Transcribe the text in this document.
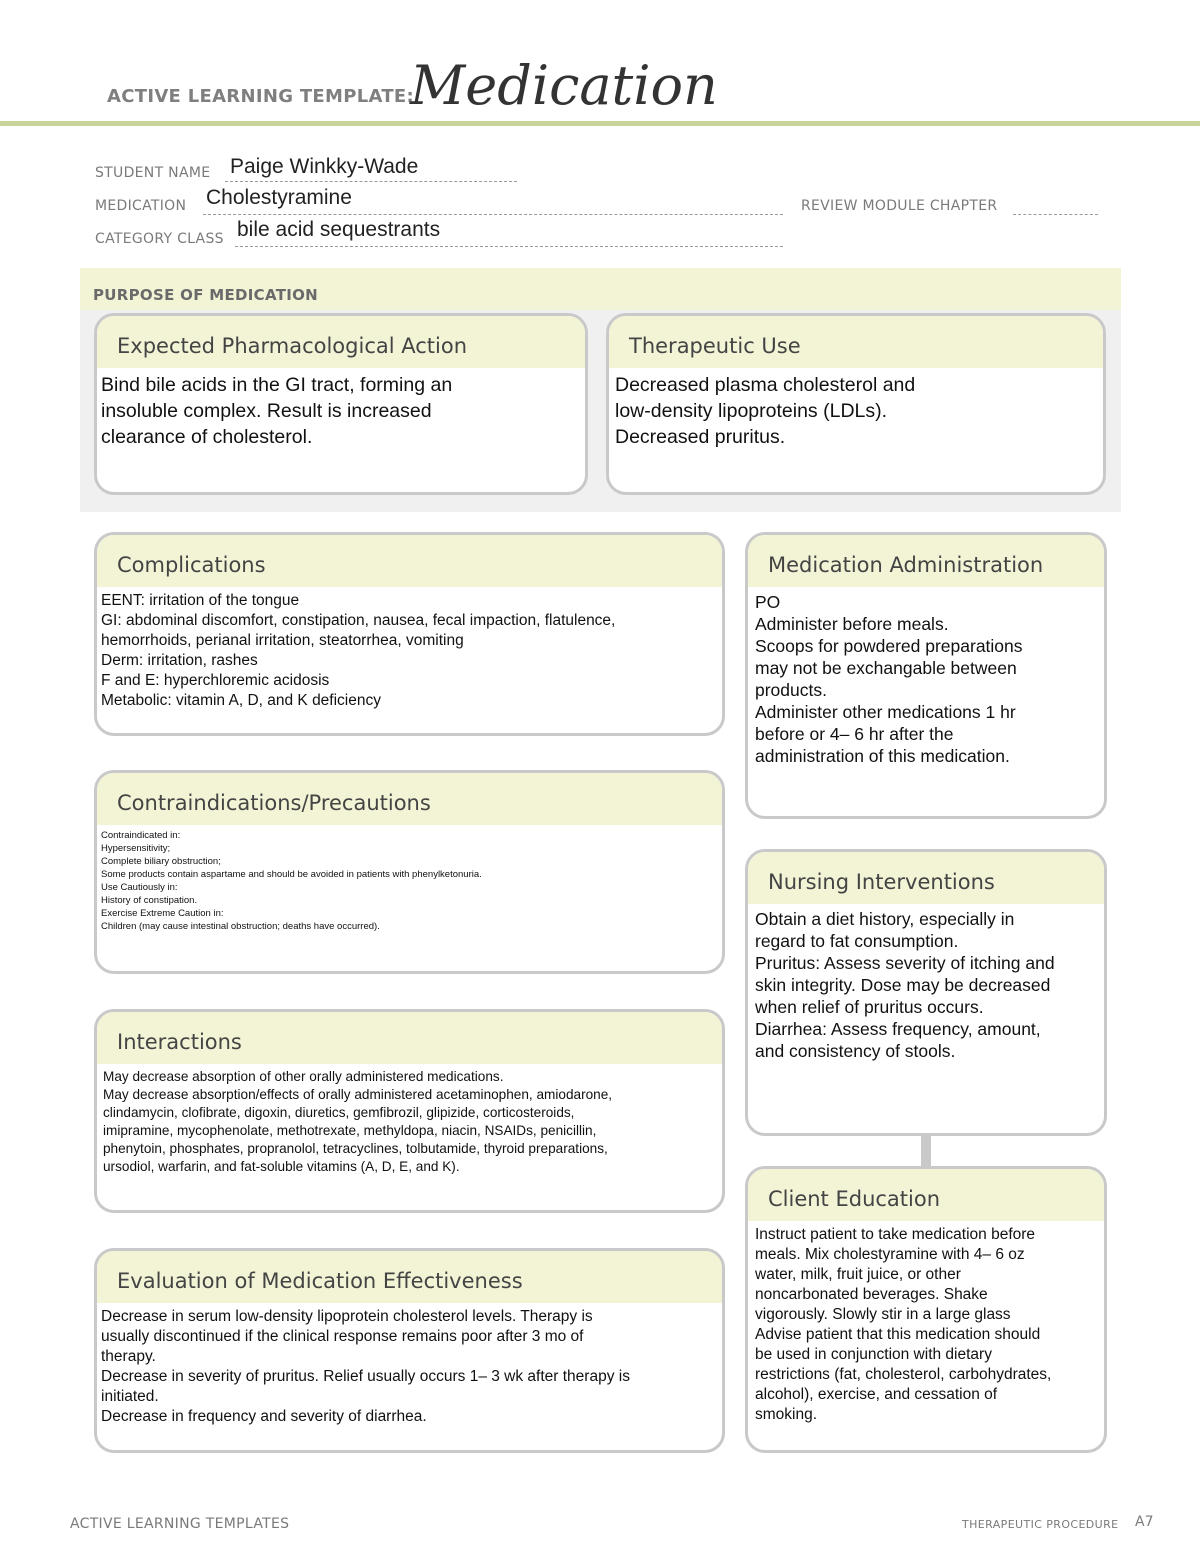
ACTIVE LEARNING TEMPLATE:
Medication
STUDENT NAME Paige Winkky-Wade
MEDICATION Cholestyramine	REVIEW MODULE CHAPTER
CATEGORY CLASS bile acid sequestrants
PURPOSE OF MEDICATION
Expected Pharmacological Action
Bind bile acids in the GI tract, forming an
insoluble complex. Result is increased
clearance of cholesterol.
Therapeutic Use
Decreased plasma cholesterol and
low-density lipoproteins (LDLs).
Decreased pruritus.
Complications
EENT: irritation of the tongue
GI: abdominal discomfort, constipation, nausea, fecal impaction, flatulence,
hemorrhoids, perianal irritation, steatorrhea, vomiting
Derm: irritation, rashes
F and E: hyperchloremic acidosis
Metabolic: vitamin A, D, and K deficiency
Contraindications/Precautions
Contraindicated in:
Hypersensitivity;
Complete biliary obstruction;
Some products contain aspartame and should be avoided in patients with phenylketonuria.
Use Cautiously in:
History of constipation.
Exercise Extreme Caution in:
Children (may cause intestinal obstruction; deaths have occurred).
Interactions
May decrease absorption of other orally administered medications.
May decrease absorption/effects of orally administered acetaminophen, amiodarone,
clindamycin, clofibrate, digoxin, diuretics, gemfibrozil, glipizide, corticosteroids,
imipramine, mycophenolate, methotrexate, methyldopa, niacin, NSAIDs, penicillin,
phenytoin, phosphates, propranolol, tetracyclines, tolbutamide, thyroid preparations,
ursodiol, warfarin, and fat-soluble vitamins (A, D, E, and K).
Evaluation of Medication Effectiveness
Decrease in serum low-density lipoprotein cholesterol levels. Therapy is
usually discontinued if the clinical response remains poor after 3 mo of
therapy.
Decrease in severity of pruritus. Relief usually occurs 1– 3 wk after therapy is
initiated.
Decrease in frequency and severity of diarrhea.
Medication Administration
PO
Administer before meals.
Scoops for powdered preparations
may not be exchangable between
products.
Administer other medications 1 hr
before or 4– 6 hr after the
administration of this medication.
Nursing Interventions
Obtain a diet history, especially in
regard to fat consumption.
Pruritus: Assess severity of itching and
skin integrity. Dose may be decreased
when relief of pruritus occurs.
Diarrhea: Assess frequency, amount,
and consistency of stools.
Client Education
Instruct patient to take medication before
meals. Mix cholestyramine with 4– 6 oz
water, milk, fruit juice, or other
noncarbonated beverages. Shake
vigorously. Slowly stir in a large glass
Advise patient that this medication should
be used in conjunction with dietary
restrictions (fat, cholesterol, carbohydrates,
alcohol), exercise, and cessation of
smoking.
ACTIVE LEARNING TEMPLATES	THERAPEUTIC PROCEDURE A7
